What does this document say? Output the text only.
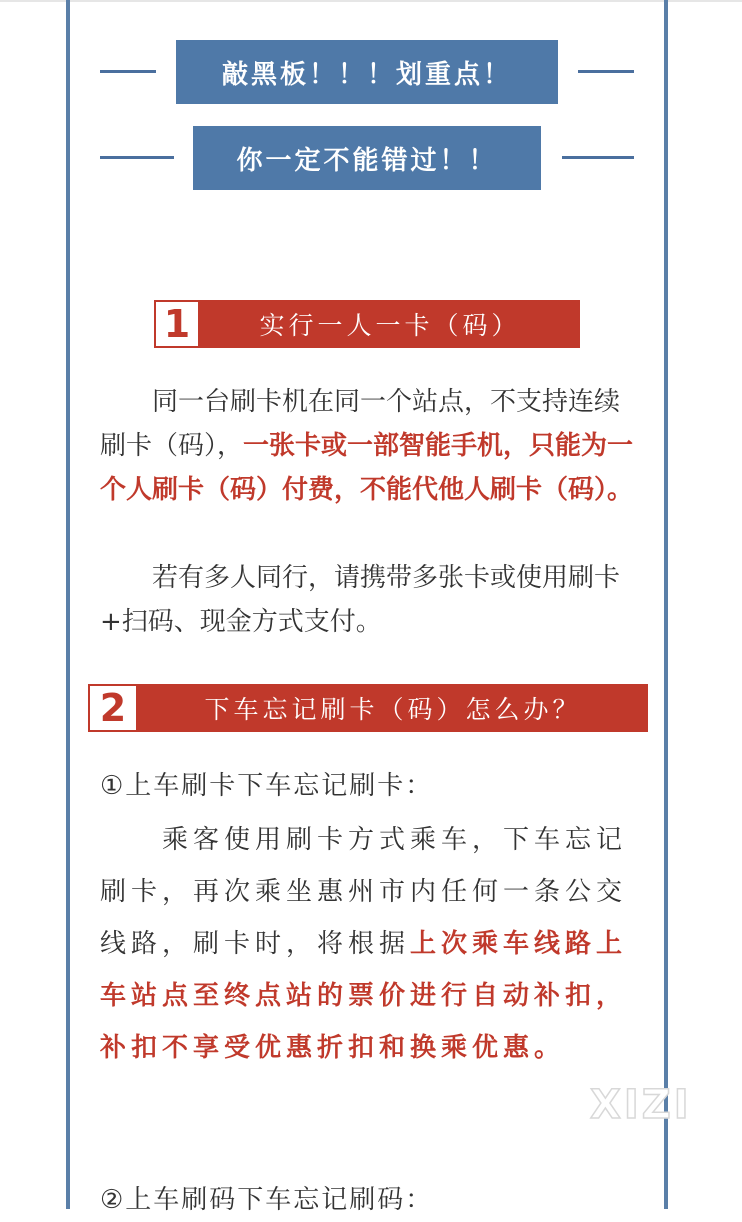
敲黑板！！！划重点！
你一定不能错过！！
1	实行一人一卡（码）

　　同一台刷卡机在同一个站点，不支持连续刷卡（码），一张卡或一部智能手机，只能为一个人刷卡（码）付费，不能代他人刷卡（码）。

　　若有多人同行，请携带多张卡或使用刷卡+扫码、现金方式支付。

2	下车忘记刷卡（码）怎么办？

①上车刷卡下车忘记刷卡：

　　乘客使用刷卡方式乘车，下车忘记刷卡，再次乘坐惠州市内任何一条公交线路，刷卡时，将根据上次乘车线路上车站点至终点站的票价进行自动补扣，补扣不享受优惠折扣和换乘优惠。

②上车刷码下车忘记刷码：

XIZI
